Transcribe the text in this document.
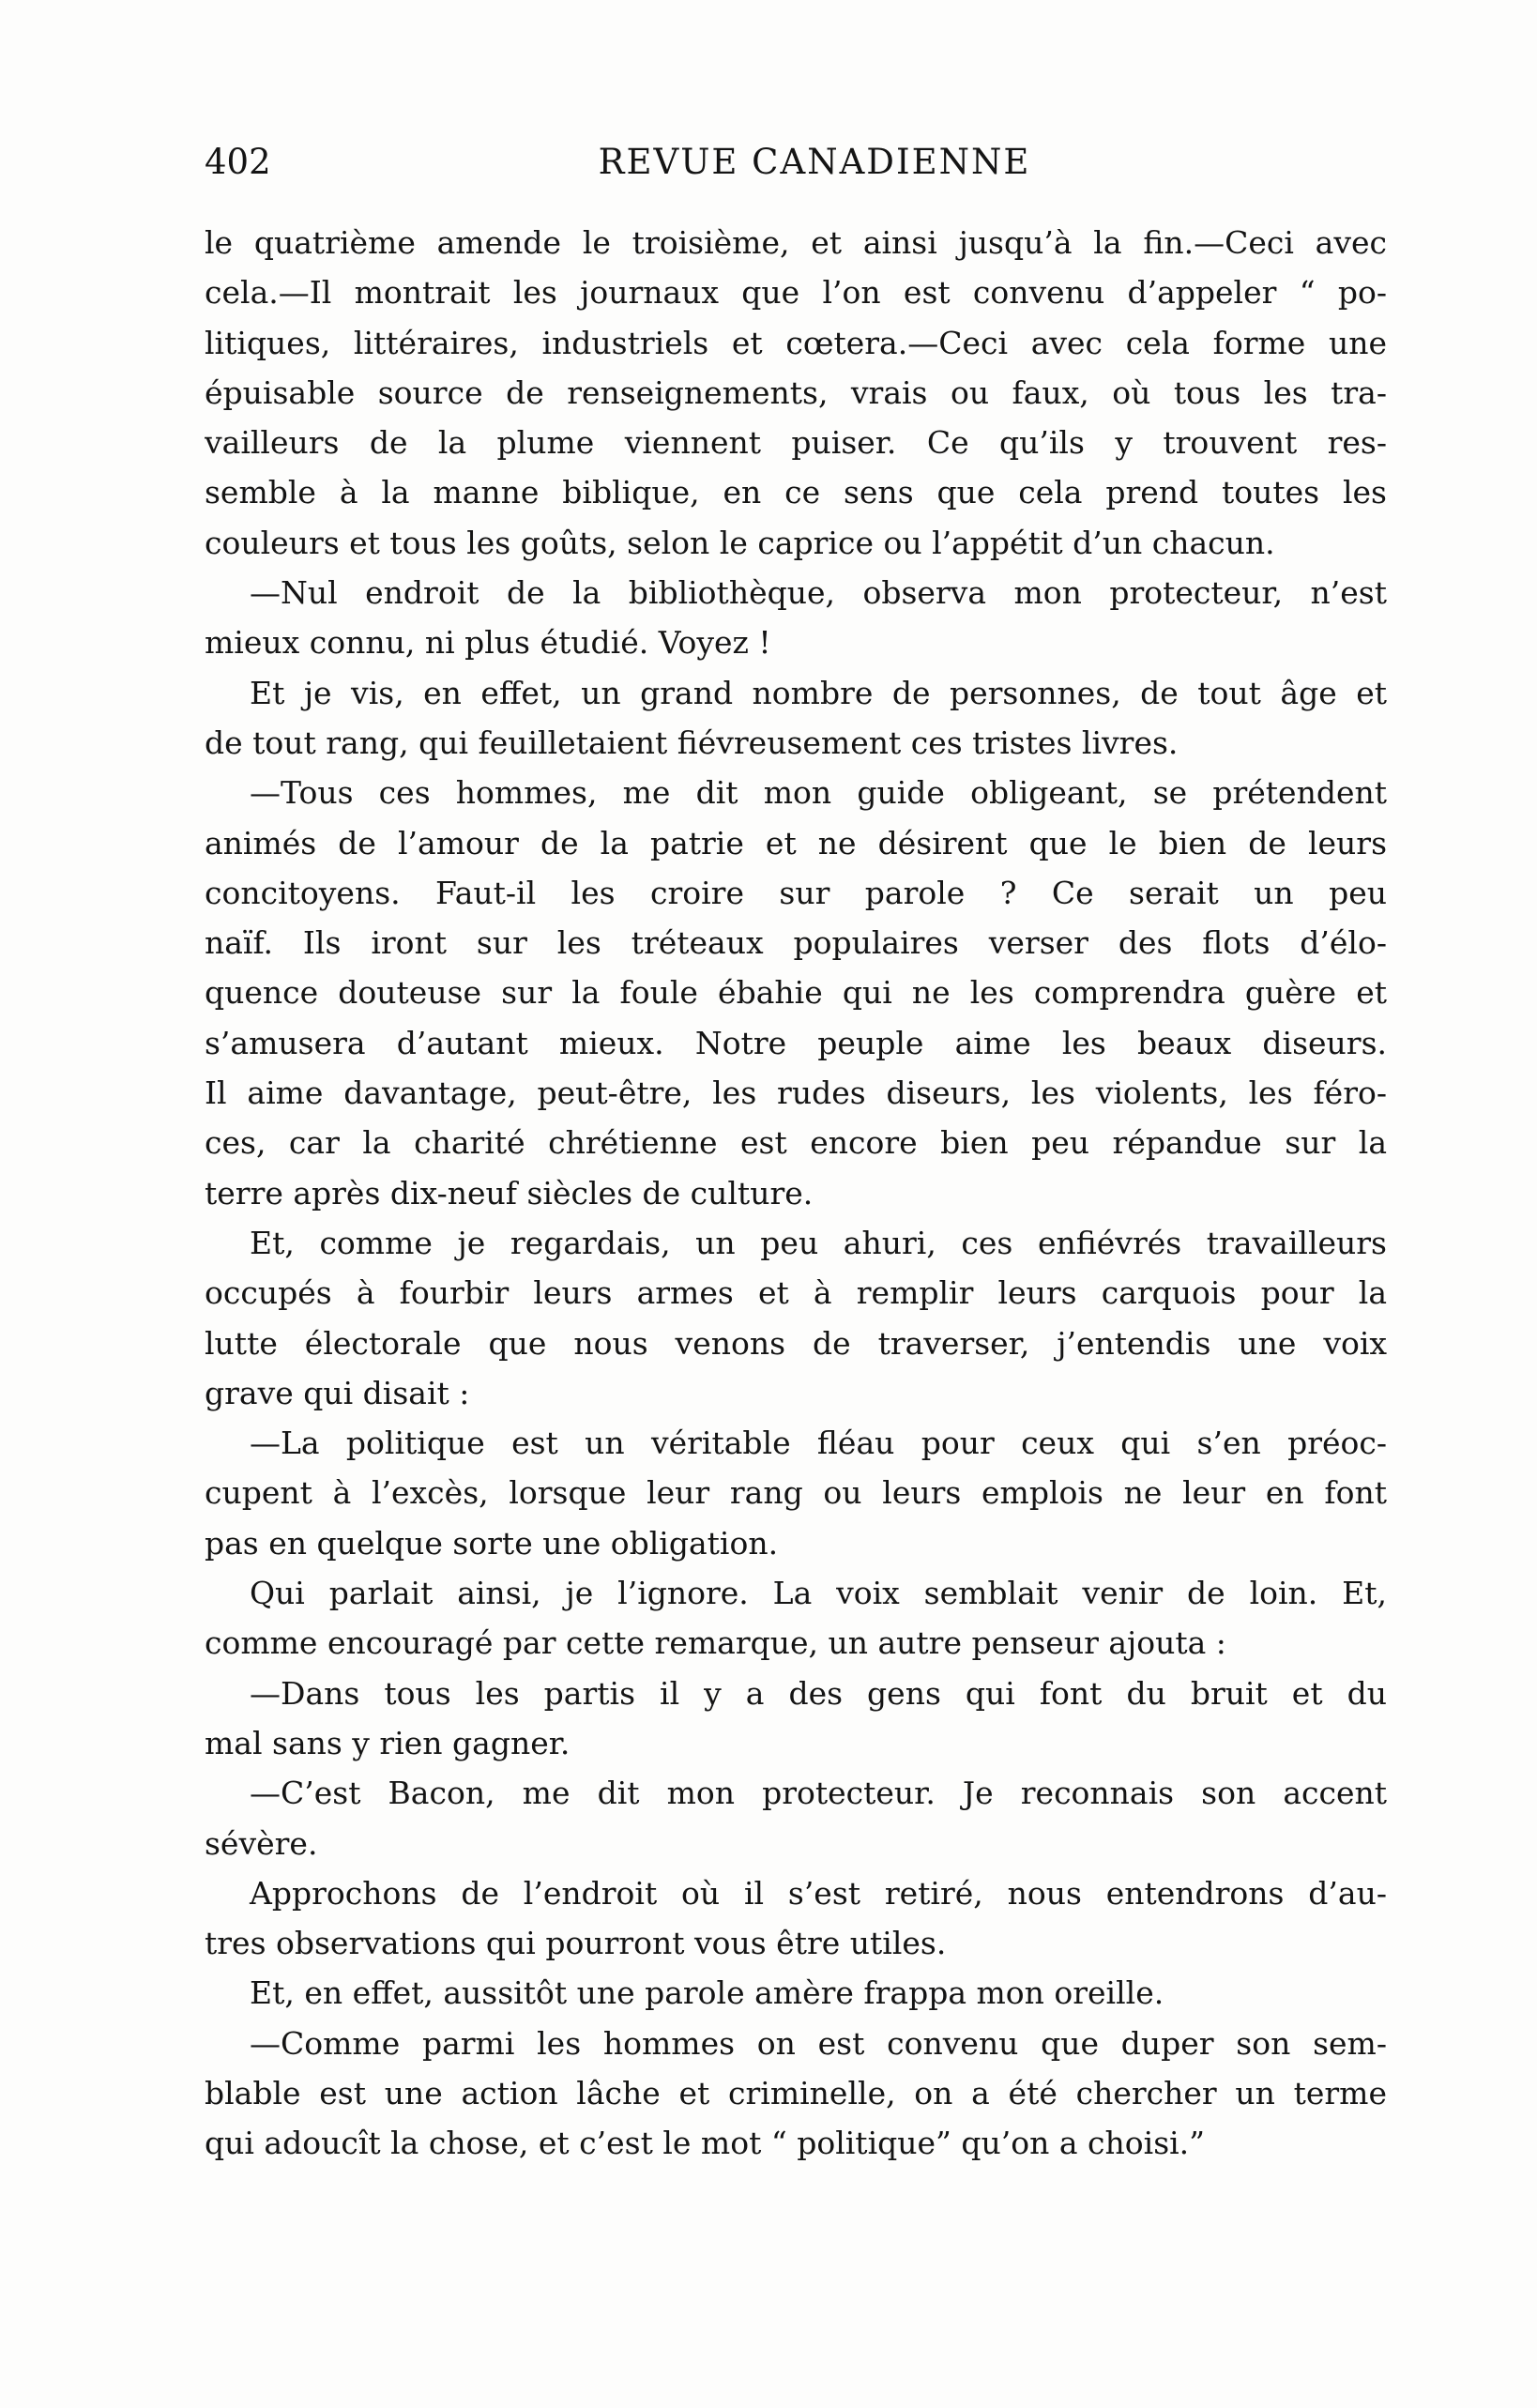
402	REVUE CANADIENNE
le quatrième amende le troisième, et ainsi jusqu’à la fin.—Ceci avec
cela.—Il montrait les journaux que l’on est convenu d’appeler “ po-
litiques, littéraires, industriels et cœtera.—Ceci avec cela forme une
épuisable source de renseignements, vrais ou faux, où tous les tra-
vailleurs de la plume viennent puiser. Ce qu’ils y trouvent res-
semble à la manne biblique, en ce sens que cela prend toutes les
couleurs et tous les goûts, selon le caprice ou l’appétit d’un chacun.
—Nul endroit de la bibliothèque, observa mon protecteur, n’est
mieux connu, ni plus étudié. Voyez !
Et je vis, en effet, un grand nombre de personnes, de tout âge et
de tout rang, qui feuilletaient fiévreusement ces tristes livres.
—Tous ces hommes, me dit mon guide obligeant, se prétendent
animés de l’amour de la patrie et ne désirent que le bien de leurs
concitoyens. Faut-il les croire sur parole ? Ce serait un peu
naïf. Ils iront sur les tréteaux populaires verser des flots d’élo-
quence douteuse sur la foule ébahie qui ne les comprendra guère et
s’amusera d’autant mieux. Notre peuple aime les beaux diseurs.
Il aime davantage, peut-être, les rudes diseurs, les violents, les féro-
ces, car la charité chrétienne est encore bien peu répandue sur la
terre après dix-neuf siècles de culture.
Et, comme je regardais, un peu ahuri, ces enfiévrés travailleurs
occupés à fourbir leurs armes et à remplir leurs carquois pour la
lutte électorale que nous venons de traverser, j’entendis une voix
grave qui disait :
—La politique est un véritable fléau pour ceux qui s’en préoc-
cupent à l’excès, lorsque leur rang ou leurs emplois ne leur en font
pas en quelque sorte une obligation.
Qui parlait ainsi, je l’ignore. La voix semblait venir de loin. Et,
comme encouragé par cette remarque, un autre penseur ajouta :
—Dans tous les partis il y a des gens qui font du bruit et du
mal sans y rien gagner.
—C’est Bacon, me dit mon protecteur. Je reconnais son accent
sévère.
Approchons de l’endroit où il s’est retiré, nous entendrons d’au-
tres observations qui pourront vous être utiles.
Et, en effet, aussitôt une parole amère frappa mon oreille.
—Comme parmi les hommes on est convenu que duper son sem-
blable est une action lâche et criminelle, on a été chercher un terme
qui adoucît la chose, et c’est le mot “ politique” qu’on a choisi.”
